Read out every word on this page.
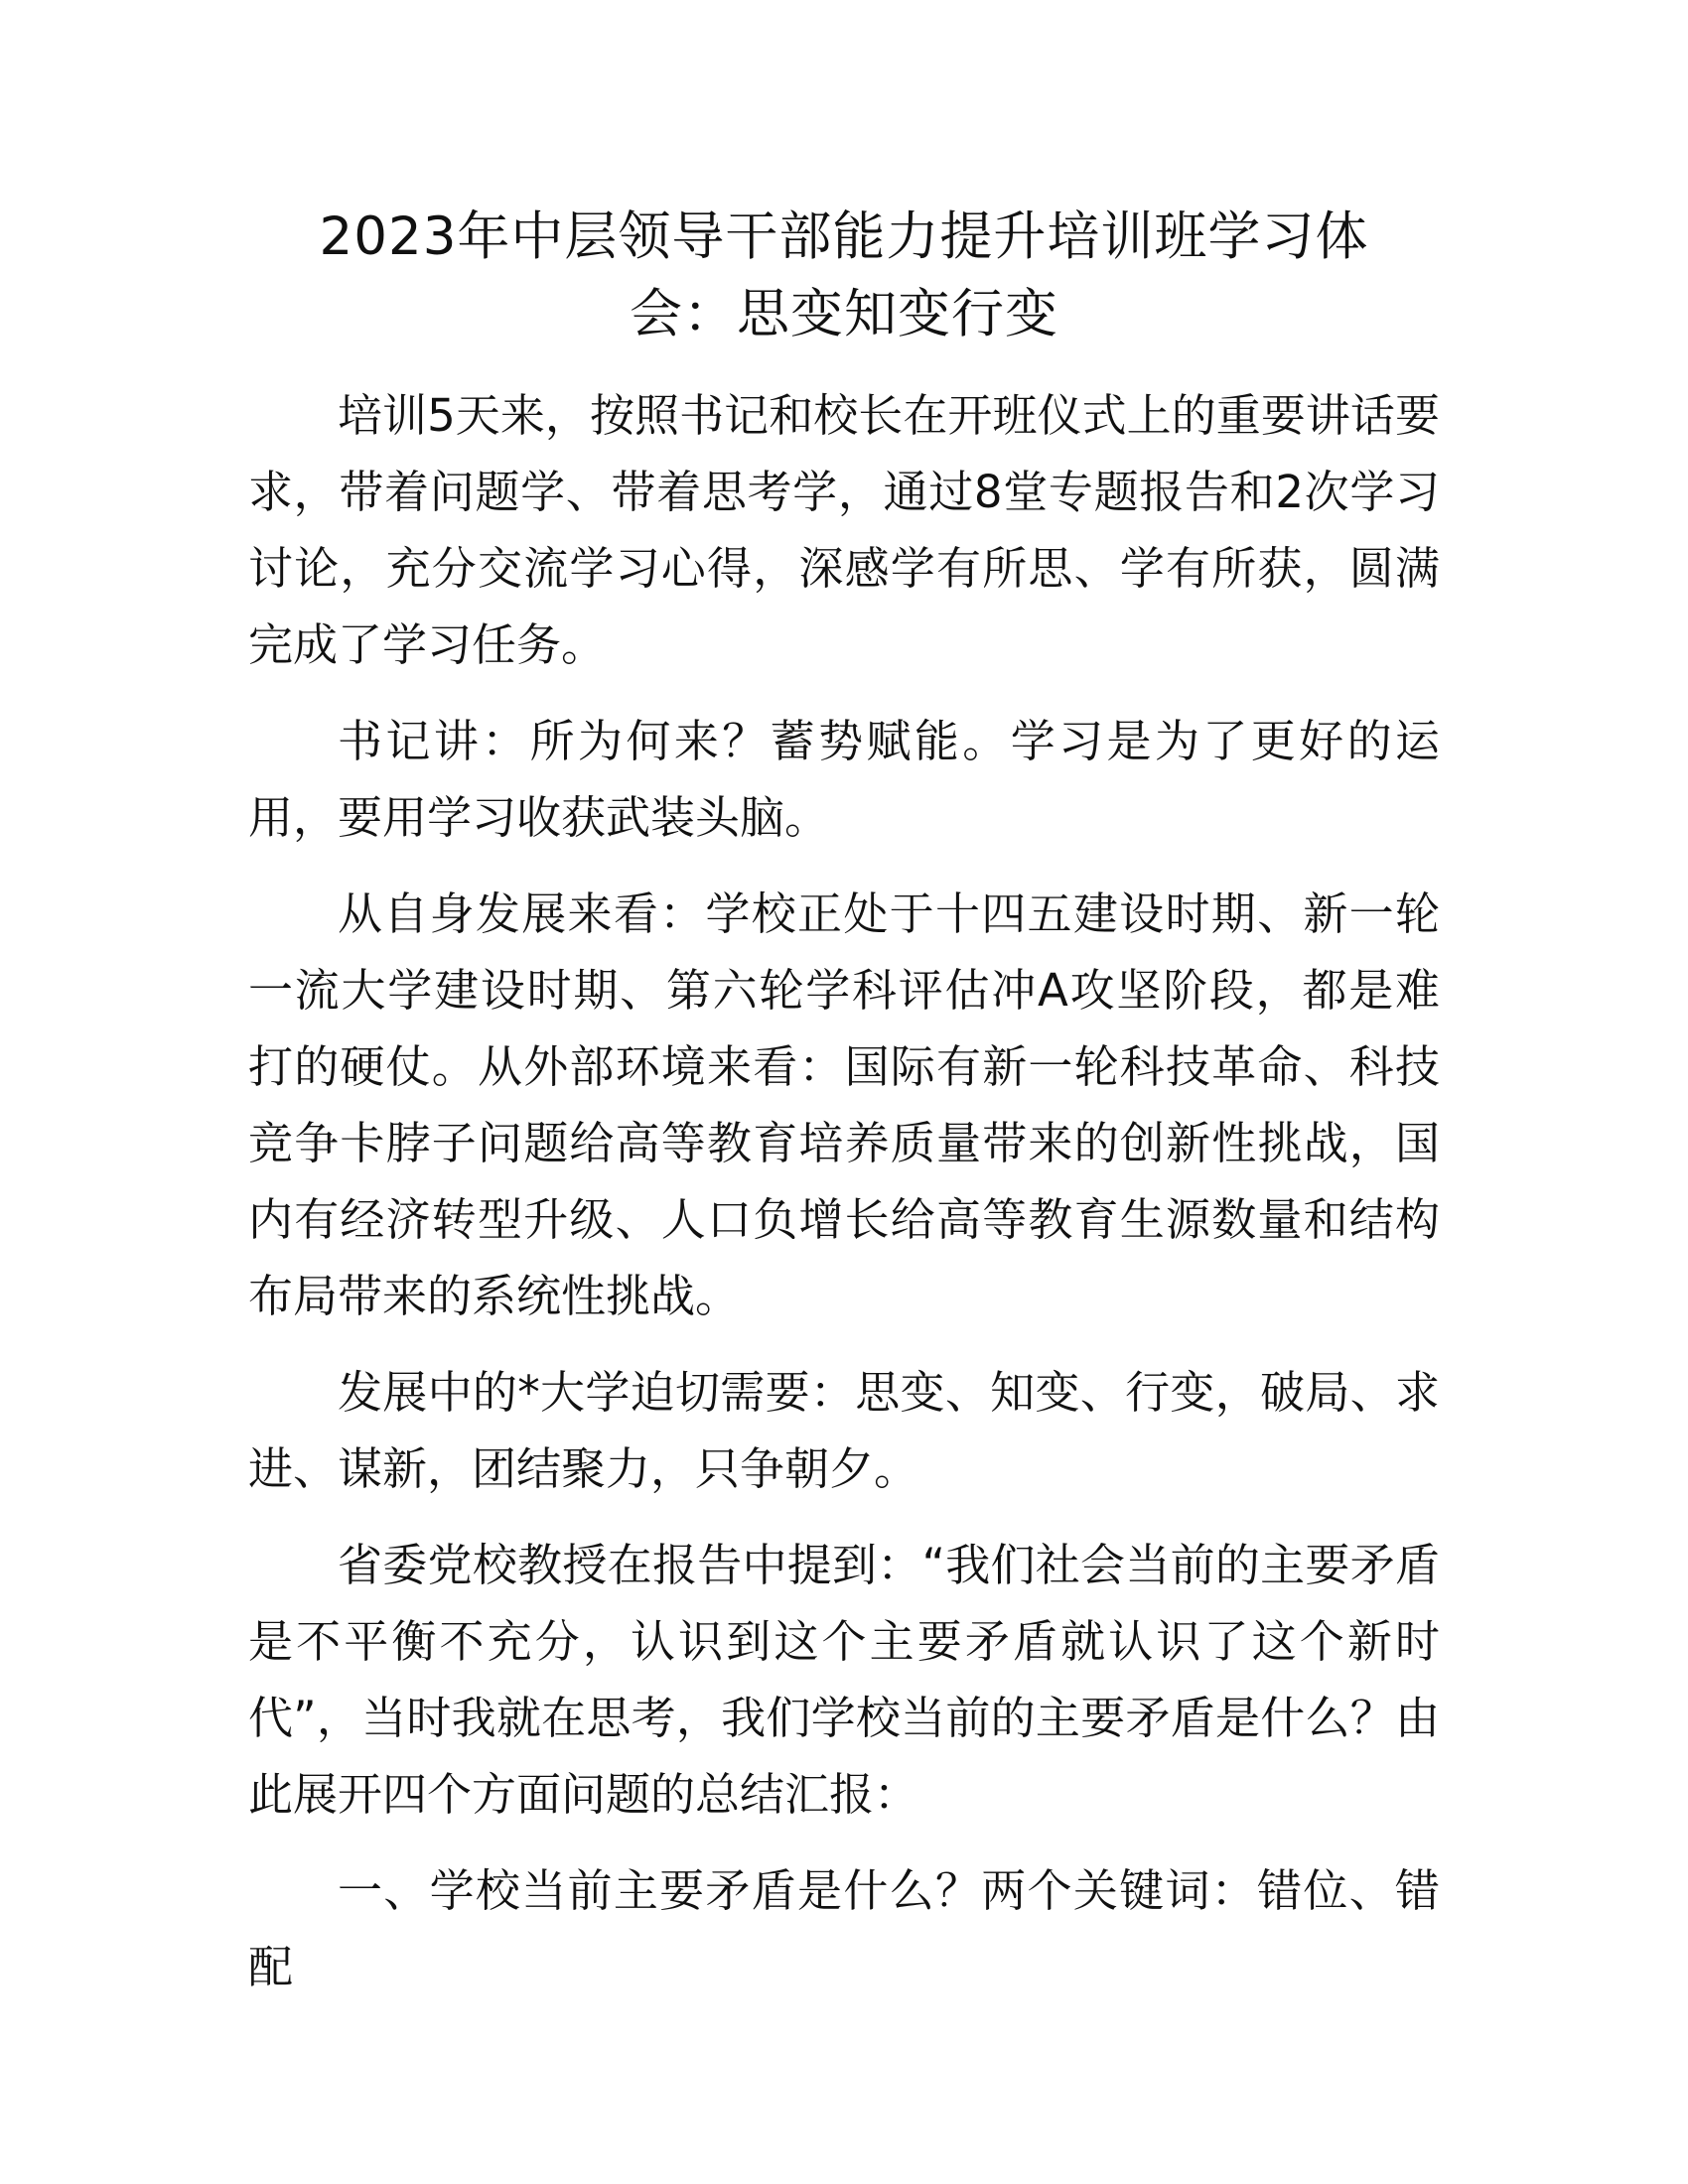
2023年中层领导干部能力提升培训班学习体
会：思变知变行变

培训5天来，按照书记和校长在开班仪式上的重要讲话要求，带着问题学、带着思考学，通过8堂专题报告和2次学习讨论，充分交流学习心得，深感学有所思、学有所获，圆满完成了学习任务。

书记讲：所为何来？蓄势赋能。学习是为了更好的运用，要用学习收获武装头脑。

从自身发展来看：学校正处于十四五建设时期、新一轮一流大学建设时期、第六轮学科评估冲A攻坚阶段，都是难打的硬仗。从外部环境来看：国际有新一轮科技革命、科技竞争卡脖子问题给高等教育培养质量带来的创新性挑战，国内有经济转型升级、人口负增长给高等教育生源数量和结构布局带来的系统性挑战。

发展中的*大学迫切需要：思变、知变、行变，破局、求进、谋新，团结聚力，只争朝夕。

省委党校教授在报告中提到：“我们社会当前的主要矛盾是不平衡不充分，认识到这个主要矛盾就认识了这个新时代”，当时我就在思考，我们学校当前的主要矛盾是什么？由此展开四个方面问题的总结汇报：

一、学校当前主要矛盾是什么？两个关键词：错位、错配
